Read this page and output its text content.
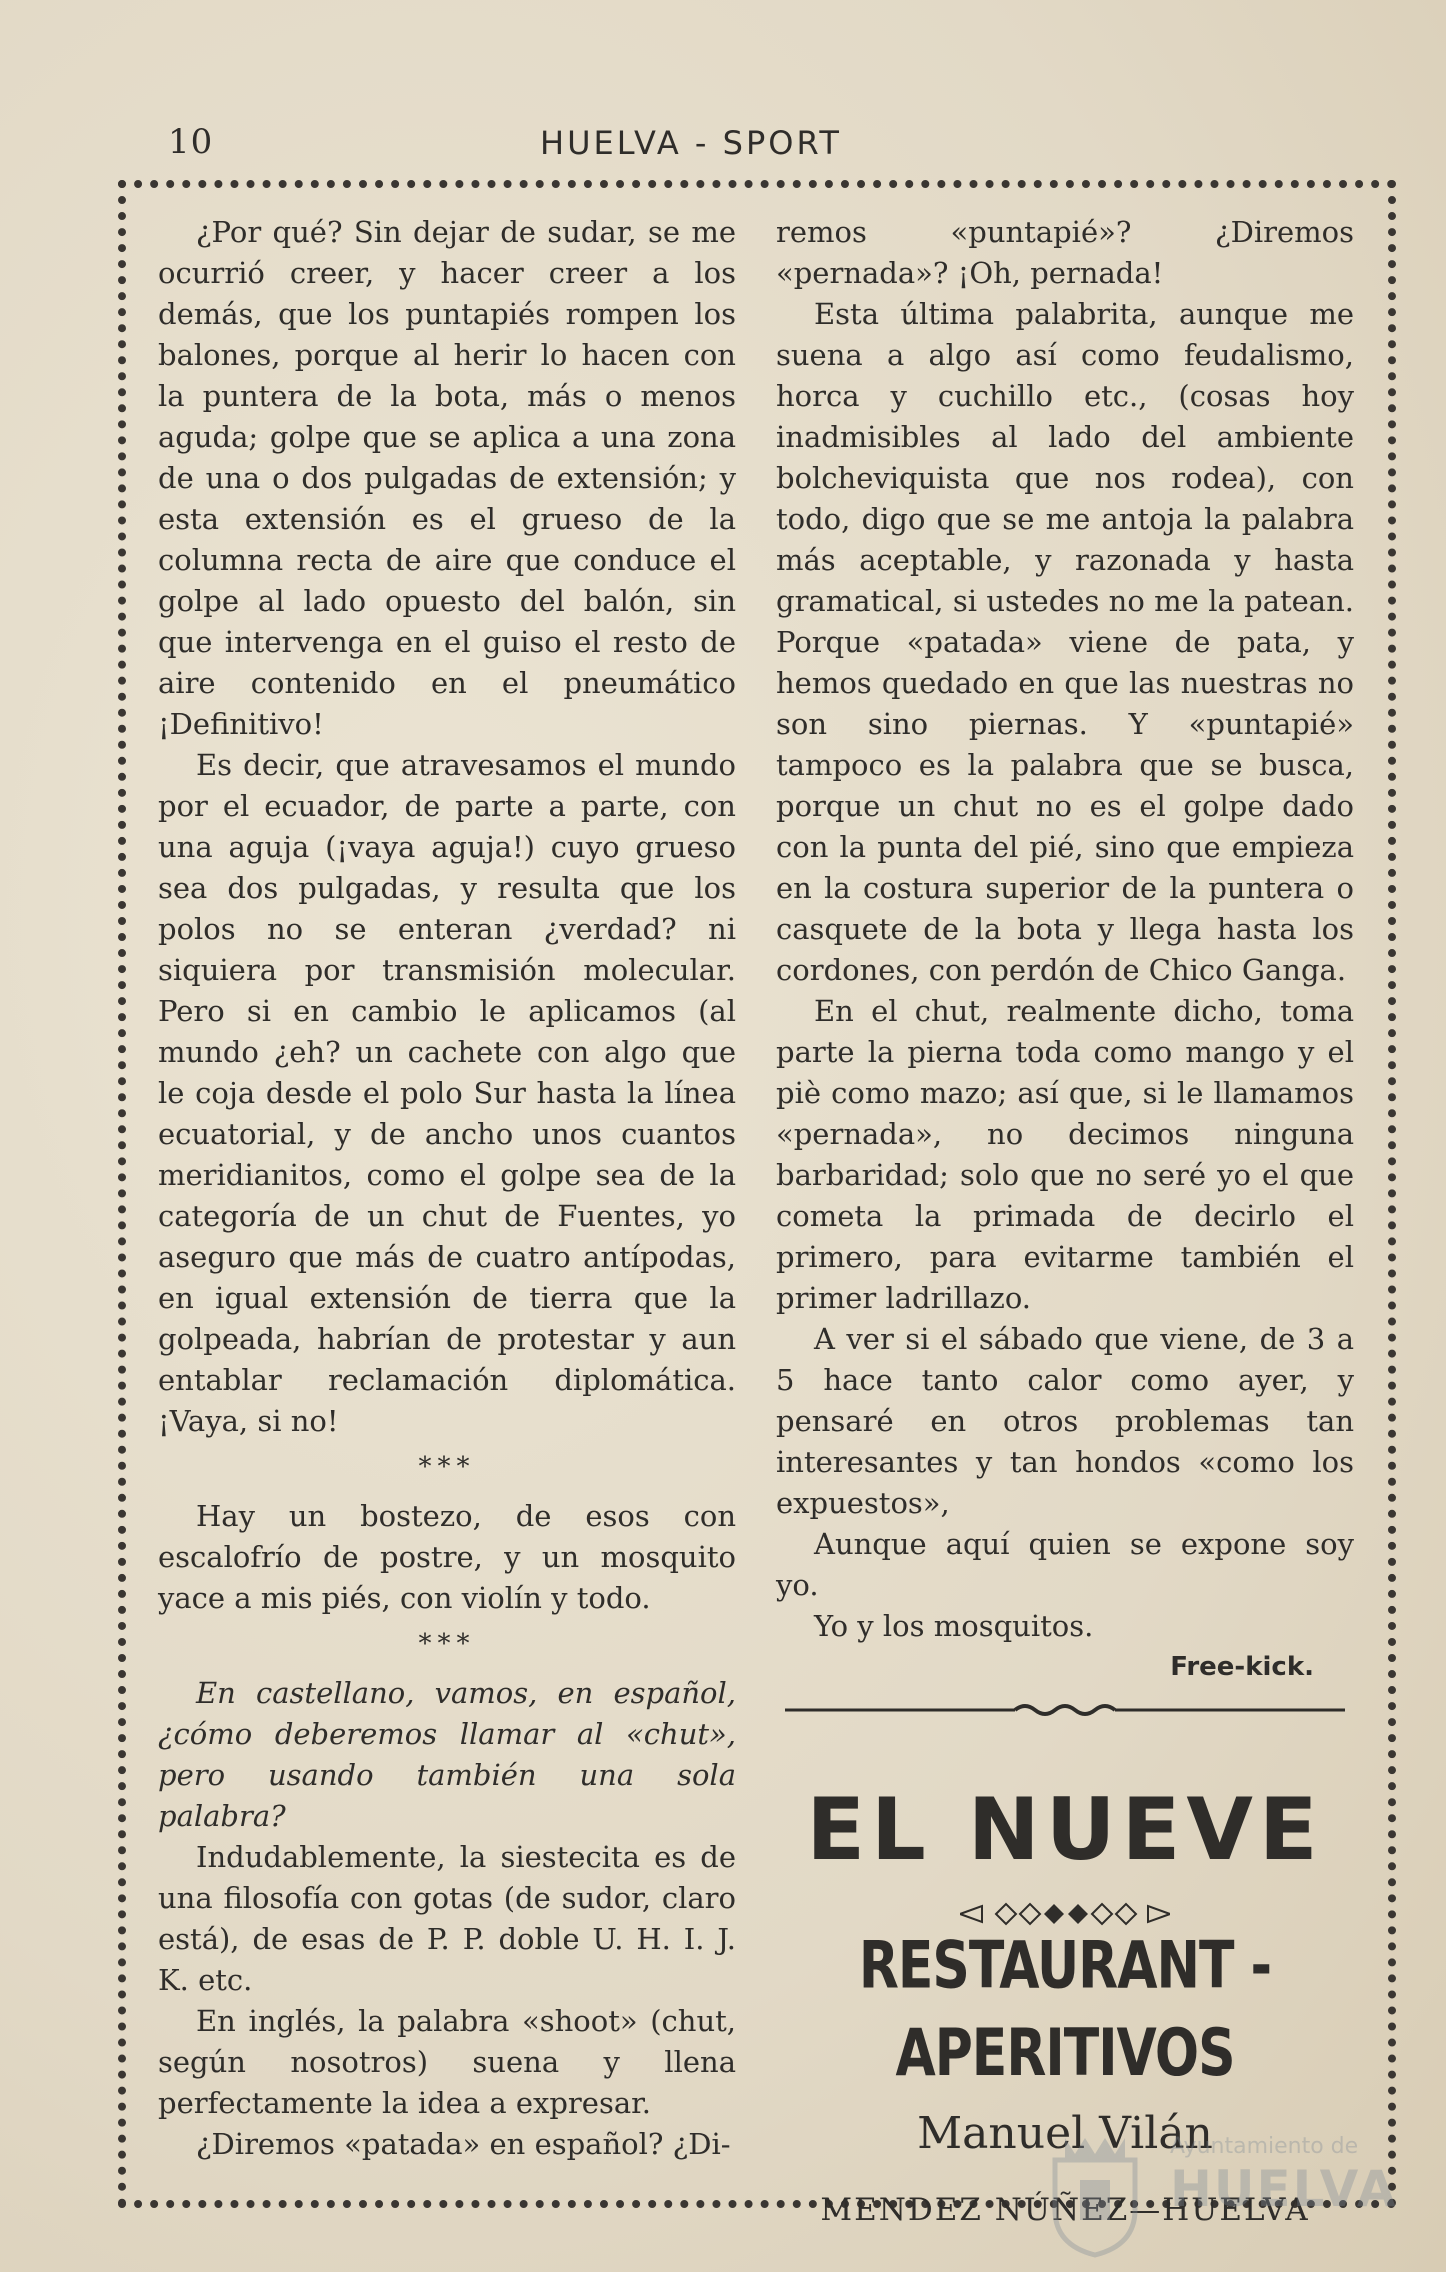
10	HUELVA - SPORT

¿Por qué? Sin dejar de sudar, se me ocurrió creer, y hacer creer a los demás, que los puntapiés rompen los balones, porque al herir lo hacen con la puntera de la bota, más o menos aguda; golpe que se aplica a una zona de una o dos pulgadas de extensión; y esta extensión es el grueso de la columna recta de aire que conduce el golpe al lado opuesto del balón, sin que intervenga en el guiso el resto de aire contenido en el pneumático ¡Definitivo!

Es decir, que atravesamos el mundo por el ecuador, de parte a parte, con una aguja (¡vaya aguja!) cuyo grueso sea dos pulgadas, y resulta que los polos no se enteran ¿verdad? ni siquiera por transmisión molecular. Pero si en cambio le aplicamos (al mundo ¿eh? un cachete con algo que le coja desde el polo Sur hasta la línea ecuatorial, y de ancho unos cuantos meridianitos, como el golpe sea de la categoría de un chut de Fuentes, yo aseguro que más de cuatro antípodas, en igual extensión de tierra que la golpeada, habrían de protestar y aun entablar reclamación diplomática. ¡Vaya, si no!

***

Hay un bostezo, de esos con escalofrío de postre, y un mosquito yace a mis piés, con violín y todo.

***

En castellano, vamos, en español, ¿cómo deberemos llamar al «chut», pero usando también una sola palabra?

Indudablemente, la siestecita es de una filosofía con gotas (de sudor, claro está), de esas de P. P. doble U. H. I. J. K. etc.

En inglés, la palabra «shoot» (chut, según nosotros) suena y llena perfectamente la idea a expresar.

¿Diremos «patada» en español? ¿Di-

remos «puntapié»? ¿Diremos «pernada»? ¡Oh, pernada!

Esta última palabrita, aunque me suena a algo así como feudalismo, horca y cuchillo etc., (cosas hoy inadmisibles al lado del ambiente bolcheviquista que nos rodea), con todo, digo que se me antoja la palabra más aceptable, y razonada y hasta gramatical, si ustedes no me la patean. Porque «patada» viene de pata, y hemos quedado en que las nuestras no son sino piernas. Y «puntapié» tampoco es la palabra que se busca, porque un chut no es el golpe dado con la punta del pié, sino que empieza en la costura superior de la puntera o casquete de la bota y llega hasta los cordones, con perdón de Chico Ganga.

En el chut, realmente dicho, toma parte la pierna toda como mango y el piè como mazo; así que, si le llamamos «pernada», no decimos ninguna barbaridad; solo que no seré yo el que cometa la primada de decirlo el primero, para evitarme también el primer ladrillazo.

A ver si el sábado que viene, de 3 a 5 hace tanto calor como ayer, y pensaré en otros problemas tan interesantes y tan hondos «como los expuestos»,

Aunque aquí quien se expone soy yo.

Yo y los mosquitos.

Free-kick.
EL NUEVE
RESTAURANT - APERITIVOS
Manuel Vilán
MENDEZ NÚÑEZ—HUELVA
Ayuntamiento de
HUELVA
